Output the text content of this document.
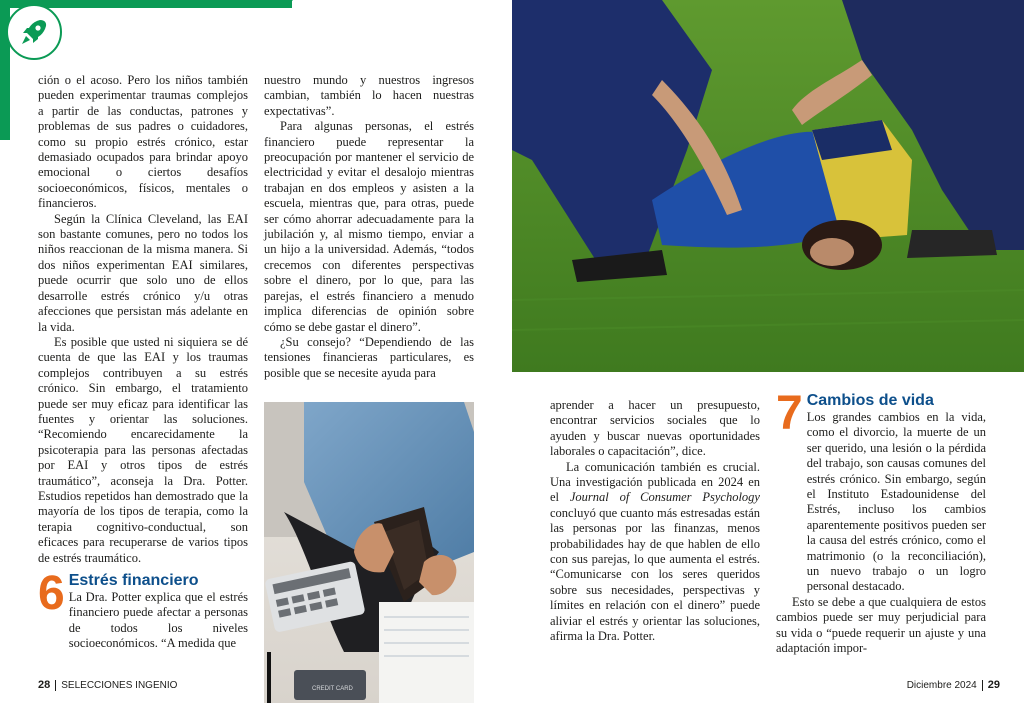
ción o el acoso. Pero los niños también pueden experimentar traumas complejos a partir de las conductas, patrones y problemas de sus padres o cuidadores, como su propio estrés crónico, estar demasiado ocupados para brindar apoyo emocional o ciertos desafíos socioeconómicos, físicos, mentales o financieros.

Según la Clínica Cleveland, las EAI son bastante comunes, pero no todos los niños reaccionan de la misma manera. Si dos niños experimentan EAI similares, puede ocurrir que solo uno de ellos desarrolle estrés crónico y/u otras afecciones que persistan más adelante en la vida.

Es posible que usted ni siquiera se dé cuenta de que las EAI y los traumas complejos contribuyen a su estrés crónico. Sin embargo, el tratamiento puede ser muy eficaz para identificar las fuentes y orientar las soluciones. “Recomiendo encarecidamente la psicoterapia para las personas afectadas por EAI y otros tipos de estrés traumático”, aconseja la Dra. Potter. Estudios repetidos han demostrado que la mayoría de los tipos de terapia, como la terapia cognitivo-conductual, son eficaces para recuperarse de varios tipos de estrés traumático.

6 Estrés financiero

La Dra. Potter explica que el estrés financiero puede afectar a personas de todos los niveles socioeconómicos. “A medida que

nuestro mundo y nuestros ingresos cambian, también lo hacen nuestras expectativas”.

Para algunas personas, el estrés financiero puede representar la preocupación por mantener el servicio de electricidad y evitar el desalojo mientras trabajan en dos empleos y asisten a la escuela, mientras que, para otras, puede ser cómo ahorrar adecuadamente para la jubilación y, al mismo tiempo, enviar a un hijo a la universidad. Además, “todos crecemos con diferentes perspectivas sobre el dinero, por lo que, para las parejas, el estrés financiero a menudo implica diferencias de opinión sobre cómo se debe gastar el dinero”.

¿Su consejo? “Dependiendo de las tensiones financieras particulares, es posible que se necesite ayuda para

CREDIT CARD
28 SELECCIONES INGENIO

aprender a hacer un presupuesto, encontrar servicios sociales que lo ayuden y buscar nuevas oportunidades laborales o capacitación”, dice.

La comunicación también es crucial. Una investigación publicada en 2024 en el Journal of Consumer Psychology concluyó que cuanto más estresadas están las personas por las finanzas, menos probabilidades hay de que hablen de ello con sus parejas, lo que aumenta el estrés. “Comunicarse con los seres queridos sobre sus necesidades, perspectivas y límites en relación con el dinero” puede aliviar el estrés y orientar las soluciones, afirma la Dra. Potter.

7 Cambios de vida

Los grandes cambios en la vida, como el divorcio, la muerte de un ser querido, una lesión o la pérdida del trabajo, son causas comunes del estrés crónico. Sin embargo, según el Instituto Estadounidense del Estrés, incluso los cambios aparentemente positivos pueden ser la causa del estrés crónico, como el matrimonio (o la reconciliación), un nuevo trabajo o un logro personal destacado.

Esto se debe a que cualquiera de estos cambios puede ser muy perjudicial para su vida o “puede requerir un ajuste y una adaptación impor-

Diciembre 2024 29
